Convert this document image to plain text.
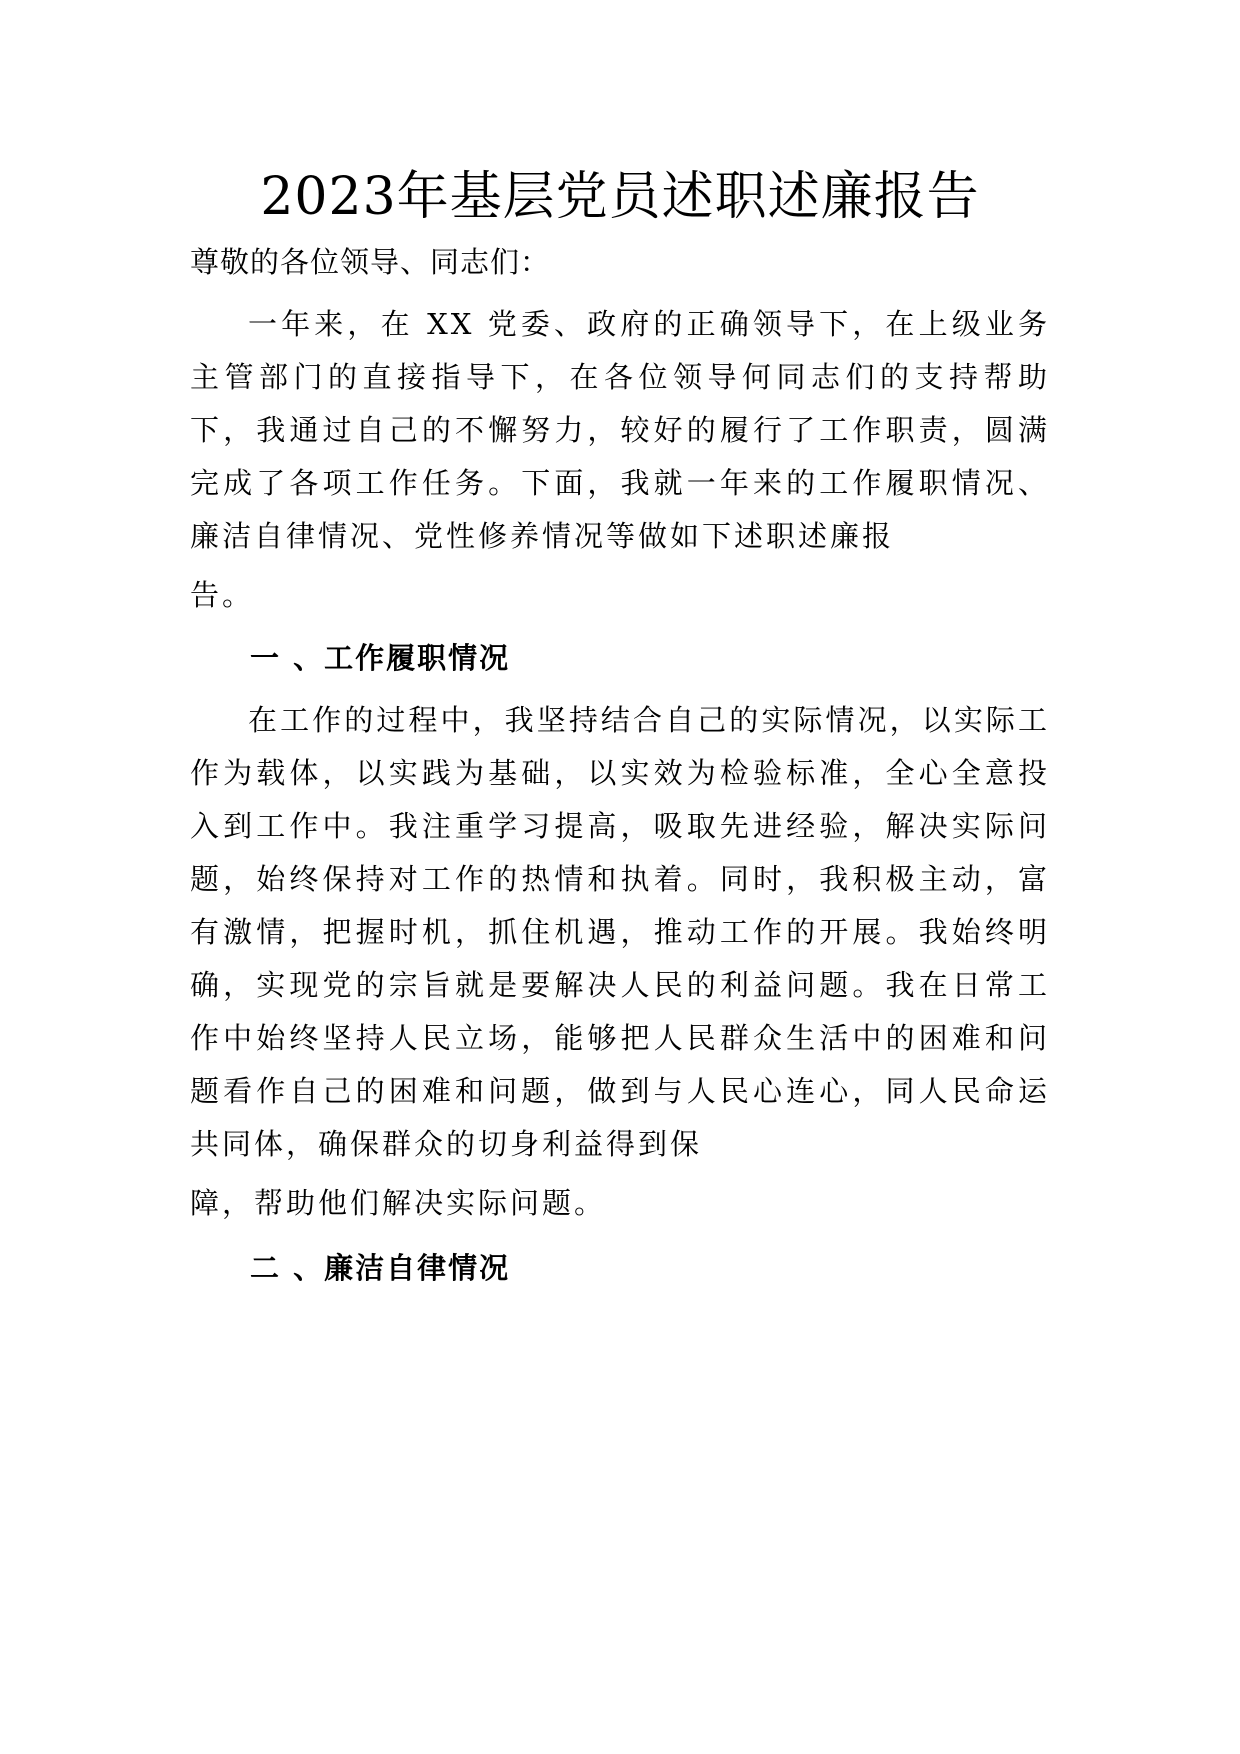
2023年基层党员述职述廉报告

尊敬的各位领导、同志们：

一年来，在 XX 党委、政府的正确领导下，在上级业务主管部门的直接指导下，在各位领导何同志们的支持帮助下，我通过自己的不懈努力，较好的履行了工作职责，圆满完成了各项工作任务。下面，我就一年来的工作履职情况、廉洁自律情况、党性修养情况等做如下述职述廉报
告。

一 、工作履职情况

在工作的过程中，我坚持结合自己的实际情况，以实际工作为载体，以实践为基础，以实效为检验标准，全心全意投入到工作中。我注重学习提高，吸取先进经验，解决实际问题，始终保持对工作的热情和执着。同时，我积极主动，富有激情，把握时机，抓住机遇，推动工作的开展。我始终明确，实现党的宗旨就是要解决人民的利益问题。我在日常工作中始终坚持人民立场，能够把人民群众生活中的困难和问题看作自己的困难和问题，做到与人民心连心，同人民命运共同体，确保群众的切身利益得到保
障，帮助他们解决实际问题。

二 、廉洁自律情况
